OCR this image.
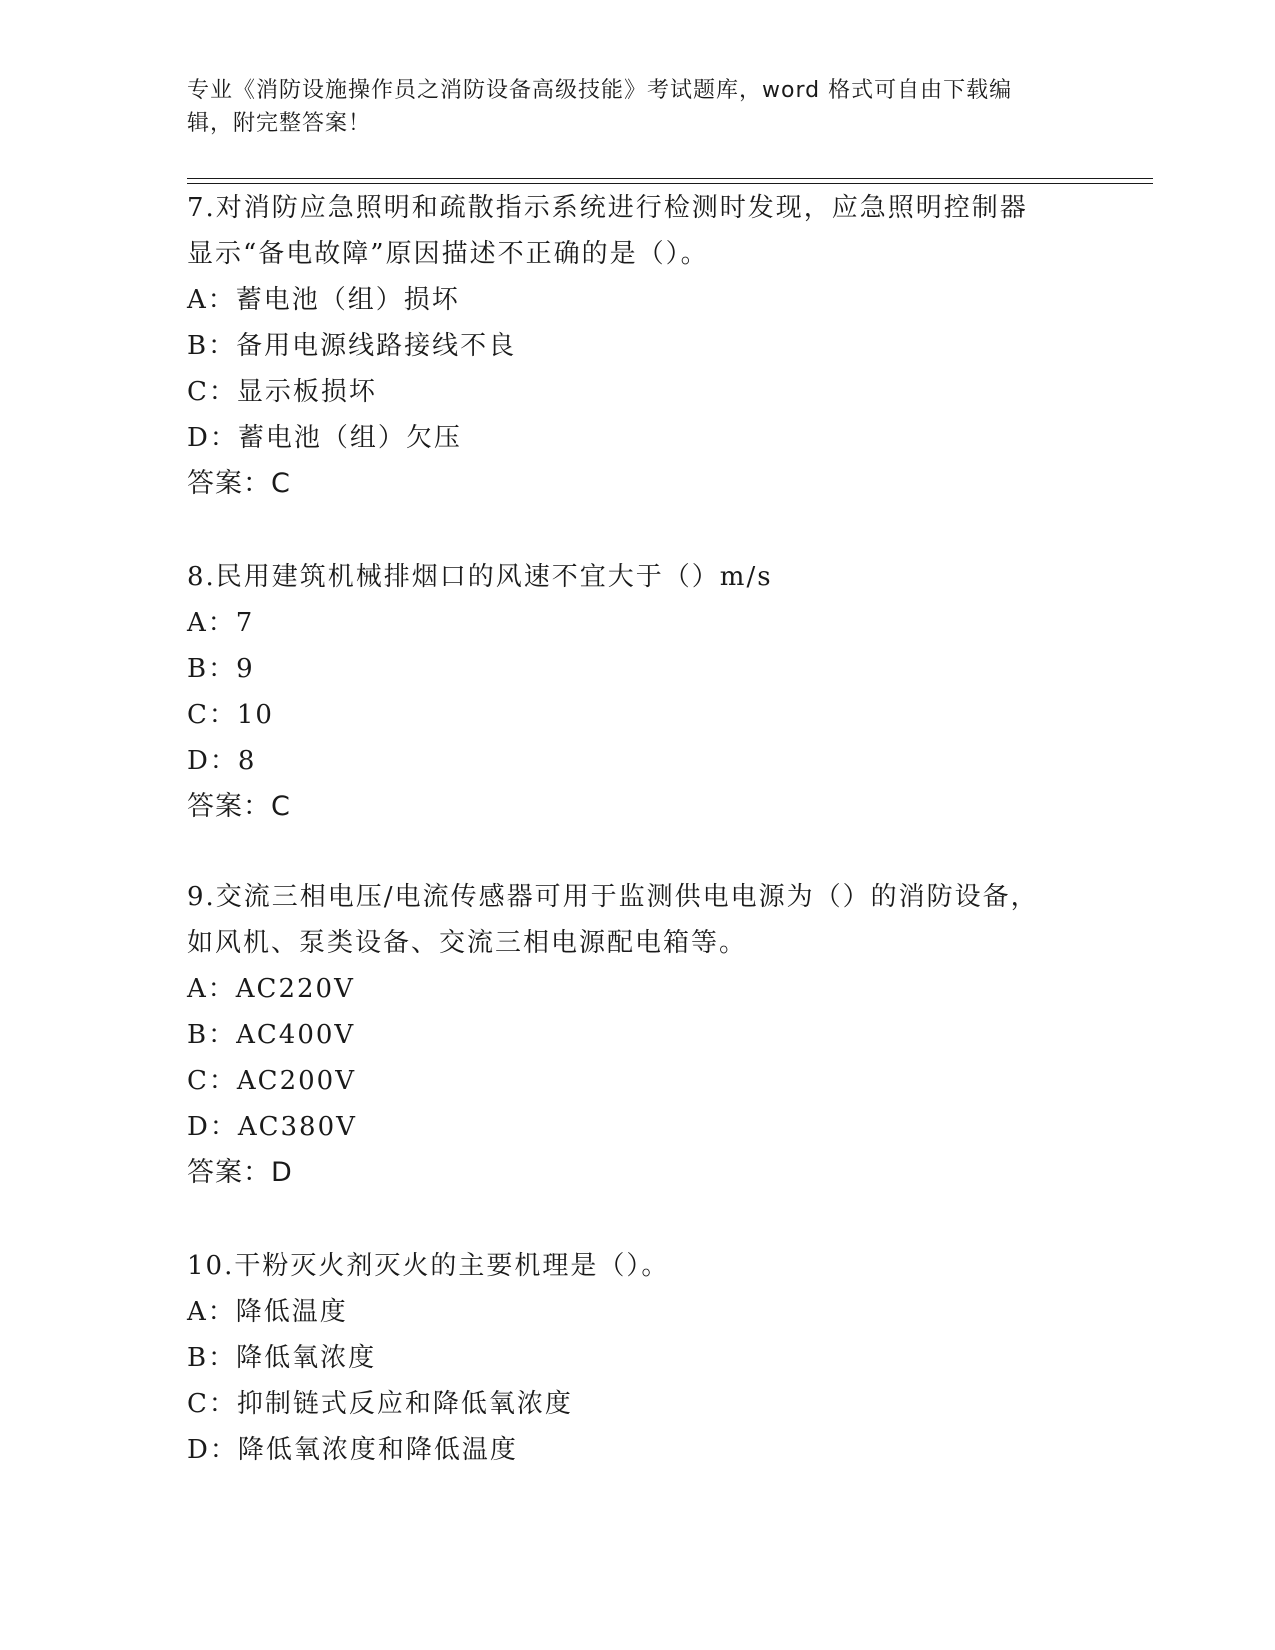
专业《消防设施操作员之消防设备高级技能》考试题库，word 格式可自由下载编
辑，附完整答案！
7.对消防应急照明和疏散指示系统进行检测时发现，应急照明控制器
显示“备电故障”原因描述不正确的是（）。
A：蓄电池（组）损坏
B：备用电源线路接线不良
C：显示板损坏
D：蓄电池（组）欠压
答案：C
8.民用建筑机械排烟口的风速不宜大于（）m/s
A：7
B：9
C：10
D：8
答案：C
9.交流三相电压/电流传感器可用于监测供电电源为（）的消防设备，
如风机、泵类设备、交流三相电源配电箱等。
A：AC220V
B：AC400V
C：AC200V
D：AC380V
答案：D
10.干粉灭火剂灭火的主要机理是（）。
A：降低温度
B：降低氧浓度
C：抑制链式反应和降低氧浓度
D：降低氧浓度和降低温度
